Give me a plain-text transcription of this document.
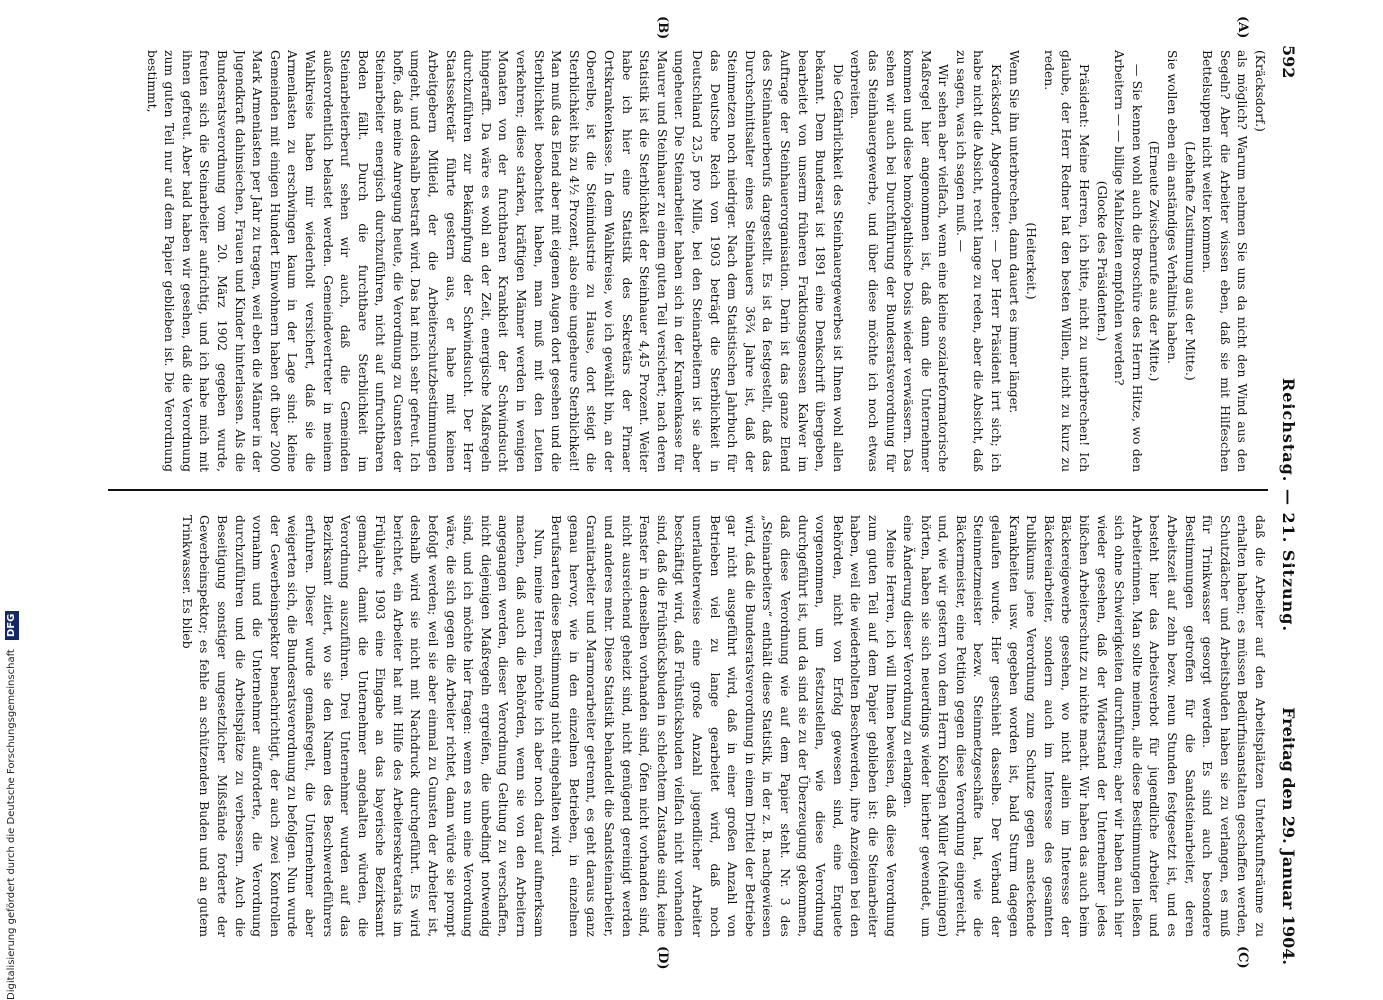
592
Reichstag. — 21. Sitzung.
Freitag den 29. Januar 1904.
(A)
(B)
(C)
(D)

(Kräcksdorf.)

als möglich? Warum nehmen Sie uns da nicht den Wind aus den Segeln? Aber die Arbeiter wissen eben, daß sie mit Hilfeschen Bettelsuppen nicht weiter kommen.

(Lebhafte Zustimmung aus der Mitte.)

Sie wollen eben ein anständiges Verhältnis haben.

(Erneute Zwischenrufe aus der Mitte.)

— Sie kennen wohl auch die Broschüre des Herrn Hitze, wo den Arbeitern — — billige Mahlzeiten empfohlen werden?

(Glocke des Präsidenten.)

Präsident: Meine Herren, ich bitte, nicht zu unterbrechen! Ich glaube, der Herr Redner hat den besten Willen, nicht zu kurz zu reden.

(Heiterkeit.)

Wenn Sie ihn unterbrechen, dann dauert es immer länger.

Kräcksdorf, Abgeordneter: — Der Herr Präsident irrt sich; ich habe nicht die Absicht, recht lange zu reden, aber die Absicht, daß zu sagen, was ich sagen muß. —

Wir sehen aber vielfach, wenn eine kleine sozialreformatorische Maßregel hier angenommen ist, daß dann die Unternehmer kommen und diese homöopathische Dosis wieder verwässern. Das sehen wir auch bei Durchführung der Bundesratsverordnung für das Steinhauergewerbe, und über diese möchte ich noch etwas verbreiten.

Die Gefährlichkeit des Steinhauergewerbes ist Ihnen wohl allen bekannt. Dem Bundesrat ist 1891 eine Denkschrift übergeben, bearbeitet von unserm früheren Fraktionsgenossen Kalwer im Auftrage der Steinhauerorganisation. Darin ist das ganze Elend des Steinhauerberufs dargestellt. Es ist da festgestellt, daß das Durchschnittsalter eines Steinhauers 36¾ Jahre ist, daß der Steinmetzen noch niedriger. Nach dem Statistischen Jahrbuch für das Deutsche Reich von 1903 beträgt die Sterblichkeit in Deutschland 23,5 pro Mille, bei den Steinarbeitern ist sie aber ungeheuer. Die Steinarbeiter haben sich in der Krankenkasse für Maurer und Steinhauer zu einem guten Teil versichert; nach deren Statistik ist die Sterblichkeit der Steinhauer 4,45 Prozent. Weiter habe ich hier eine Statistik des Sekretärs der Pirnaer Ortskrankenkasse. In dem Wahlkreise, wo ich gewählt bin, an der Oberelbe, ist die Steinindustrie zu Hause, dort steigt die Sterblichkeit bis zu 4½ Prozent, also eine ungeheure Sterblichkeit! Man muß das Elend aber mit eigenen Augen dort gesehen und die Sterblichkeit beobachtet haben, man muß mit den Leuten verkehren; diese starken, kräftigen Männer werden in wenigen Monaten von der furchtbaren Krankheit der Schwindsucht hingerafft. Da wäre es wohl an der Zeit, energische Maßregeln durchzuführen zur Bekämpfung der Schwindsucht. Der Herr Staatssekretär führte gestern aus, er habe mit keinen Arbeitgebern Mitleid, der die Arbeiterschutzbestimmungen umgeht, und deshalb bestraft wird. Das hat mich sehr gefreut. Ich hoffe, daß meine Anregung heute, die Verordnung zu Gunsten der Steinarbeiter energisch durchzuführen, nicht auf unfruchtbaren Boden fällt. Durch die furchtbare Sterblichkeit im Steinarbeiterberuf sehen wir auch, daß die Gemeinden außerordentlich belastet werden. Gemeindevertreter in meinem Wahlkreise haben mir wiederholt versichert, daß sie die Armenlasten zu erschwingen kaum in der Lage sind: kleine Gemeinden mit einigen Hundert Einwohnern haben oft über 2000 Mark Armenlasten per Jahr zu tragen, weil eben die Männer in der Jugendkraft dahinsiechen, Frauen und Kinder hinterlassen. Als die Bundesratsverordnung vom 20. März 1902 gegeben wurde, freuten sich die Steinarbeiter aufrichtig, und ich habe mich mit ihnen gefreut. Aber bald haben wir gesehen, daß die Verordnung zum guten Teil nur auf dem Papier geblieben ist. Die Verordnung bestimmt,

daß die Arbeiter auf den Arbeitsplätzen Unterkunftsräume zu erhalten haben; es müssen Bedürfnisanstalten geschaffen werden, Schutzdächer und Arbeitsbuden haben sie zu verlangen, es muß für Trinkwasser gesorgt werden. Es sind auch besondere Bestimmungen getroffen für die Sandsteinarbeiter, deren Arbeitszeit auf zehn bezw. neun Stunden festgesetzt ist, und es besteht hier das Arbeitsverbot für jugendliche Arbeiter und Arbeiterinnen. Man sollte meinen, alle diese Bestimmungen ließen sich ohne Schwierigkeiten durchführen; aber wir haben auch hier wieder gesehen, daß der Widerstand der Unternehmer jedes bißchen Arbeiterschutz zu nichte macht. Wir haben das auch beim Bäckereigewerbe gesehen, wo nicht allein im Interesse der Bäckereiarbeiter, sondern auch im Interesse des gesamten Publikums jene Verordnung zum Schutze gegen ansteckende Krankheiten usw. gegeben worden ist, bald Sturm dagegen gelaufen wurde. Hier geschieht dasselbe. Der Verband der Steinmetzmeister bezw. Steinmetzgeschäfte hat, wie die Bäckermeister, eine Petition gegen diese Verordnung eingereicht, und, wie wir gestern von dem Herrn Kollegen Müller (Meiningen) hörten, haben sie sich neuerdings wieder hierher gewendet, um eine Änderung dieser Verordnung zu erlangen.

Meine Herren, ich will Ihnen beweisen, daß diese Verordnung zum guten Teil auf dem Papier geblieben ist: die Steinarbeiter haben, weil die wiederholten Beschwerden, ihre Anzeigen bei den Behörden, nicht von Erfolg gewesen sind, eine Enquete vorgenommen, um festzustellen, wie diese Verordnung durchgeführt ist, und da sind sie zu der Überzeugung gekommen, daß diese Verordnung wie auf dem Papier steht. Nr. 3 des „Steinarbeiters“ enthält diese Statistik, in der z. B. nachgewiesen wird, daß die Bundesratsverordnung in einem Drittel der Betriebe gar nicht ausgeführt wird, daß in einer großen Anzahl von Betrieben viel zu lange gearbeitet wird, daß noch unerlaubterweise eine große Anzahl jugendlicher Arbeiter beschäftigt wird, daß Frühstücksbuden vielfach nicht vorhanden sind, daß die Frühstücksbuden in schlechtem Zustande sind, keine Fenster in denselben vorhanden sind, Öfen nicht vorhanden sind, nicht ausreichend geheizt sind, nicht genügend gereinigt werden und anderes mehr. Diese Statistik behandelt die Sandsteinarbeiter, Granitarbeiter und Marmorarbeiter getrennt, es geht daraus ganz genau hervor, wie in den einzelnen Betrieben, in einzelnen Berufsarten diese Bestimmung nicht eingehalten wird.

Nun, meine Herren, möchte ich aber noch darauf aufmerksam machen, daß auch die Behörden, wenn sie von den Arbeitern angegangen werden, dieser Verordnung Geltung zu verschaffen, nicht diejenigen Maßregeln ergreifen, die unbedingt notwendig sind, und ich möchte hier fragen: wenn es nun eine Verordnung wäre, die sich gegen die Arbeiter richtet, dann würde sie prompt befolgt werden; weil sie aber einmal zu Gunsten der Arbeiter ist, deshalb wird sie nicht mit Nachdruck durchgeführt. Es wird berichtet, ein Arbeiter hat mit Hilfe des Arbeitersekretariats im Frühjahre 1903 eine Eingabe an das bayerische Bezirksamt gemacht, damit die Unternehmer angehalten würden, die Verordnung auszuführen. Drei Unternehmer wurden auf das Bezirksamt zitiert, wo sie den Namen des Beschwerdeführers erfuhren. Dieser wurde gemaßregelt, die Unternehmer aber weigerten sich, die Bundesratsverordnung zu befolgen. Nun wurde der Gewerbeinspektor benachrichtigt, der auch zwei Kontrollen vornahm und die Unternehmer aufforderte, die Verordnung durchzuführen und die Arbeitsplätze zu verbessern. Auch die Beseitigung sonstiger ungesetzlicher Mißstände forderte der Gewerbeinspektor; es fehle an schützenden Buden und an gutem Trinkwasser. Es blieb

Digitalisierung gefördert durch die Deutsche Forschungsgemeinschaft DFG
